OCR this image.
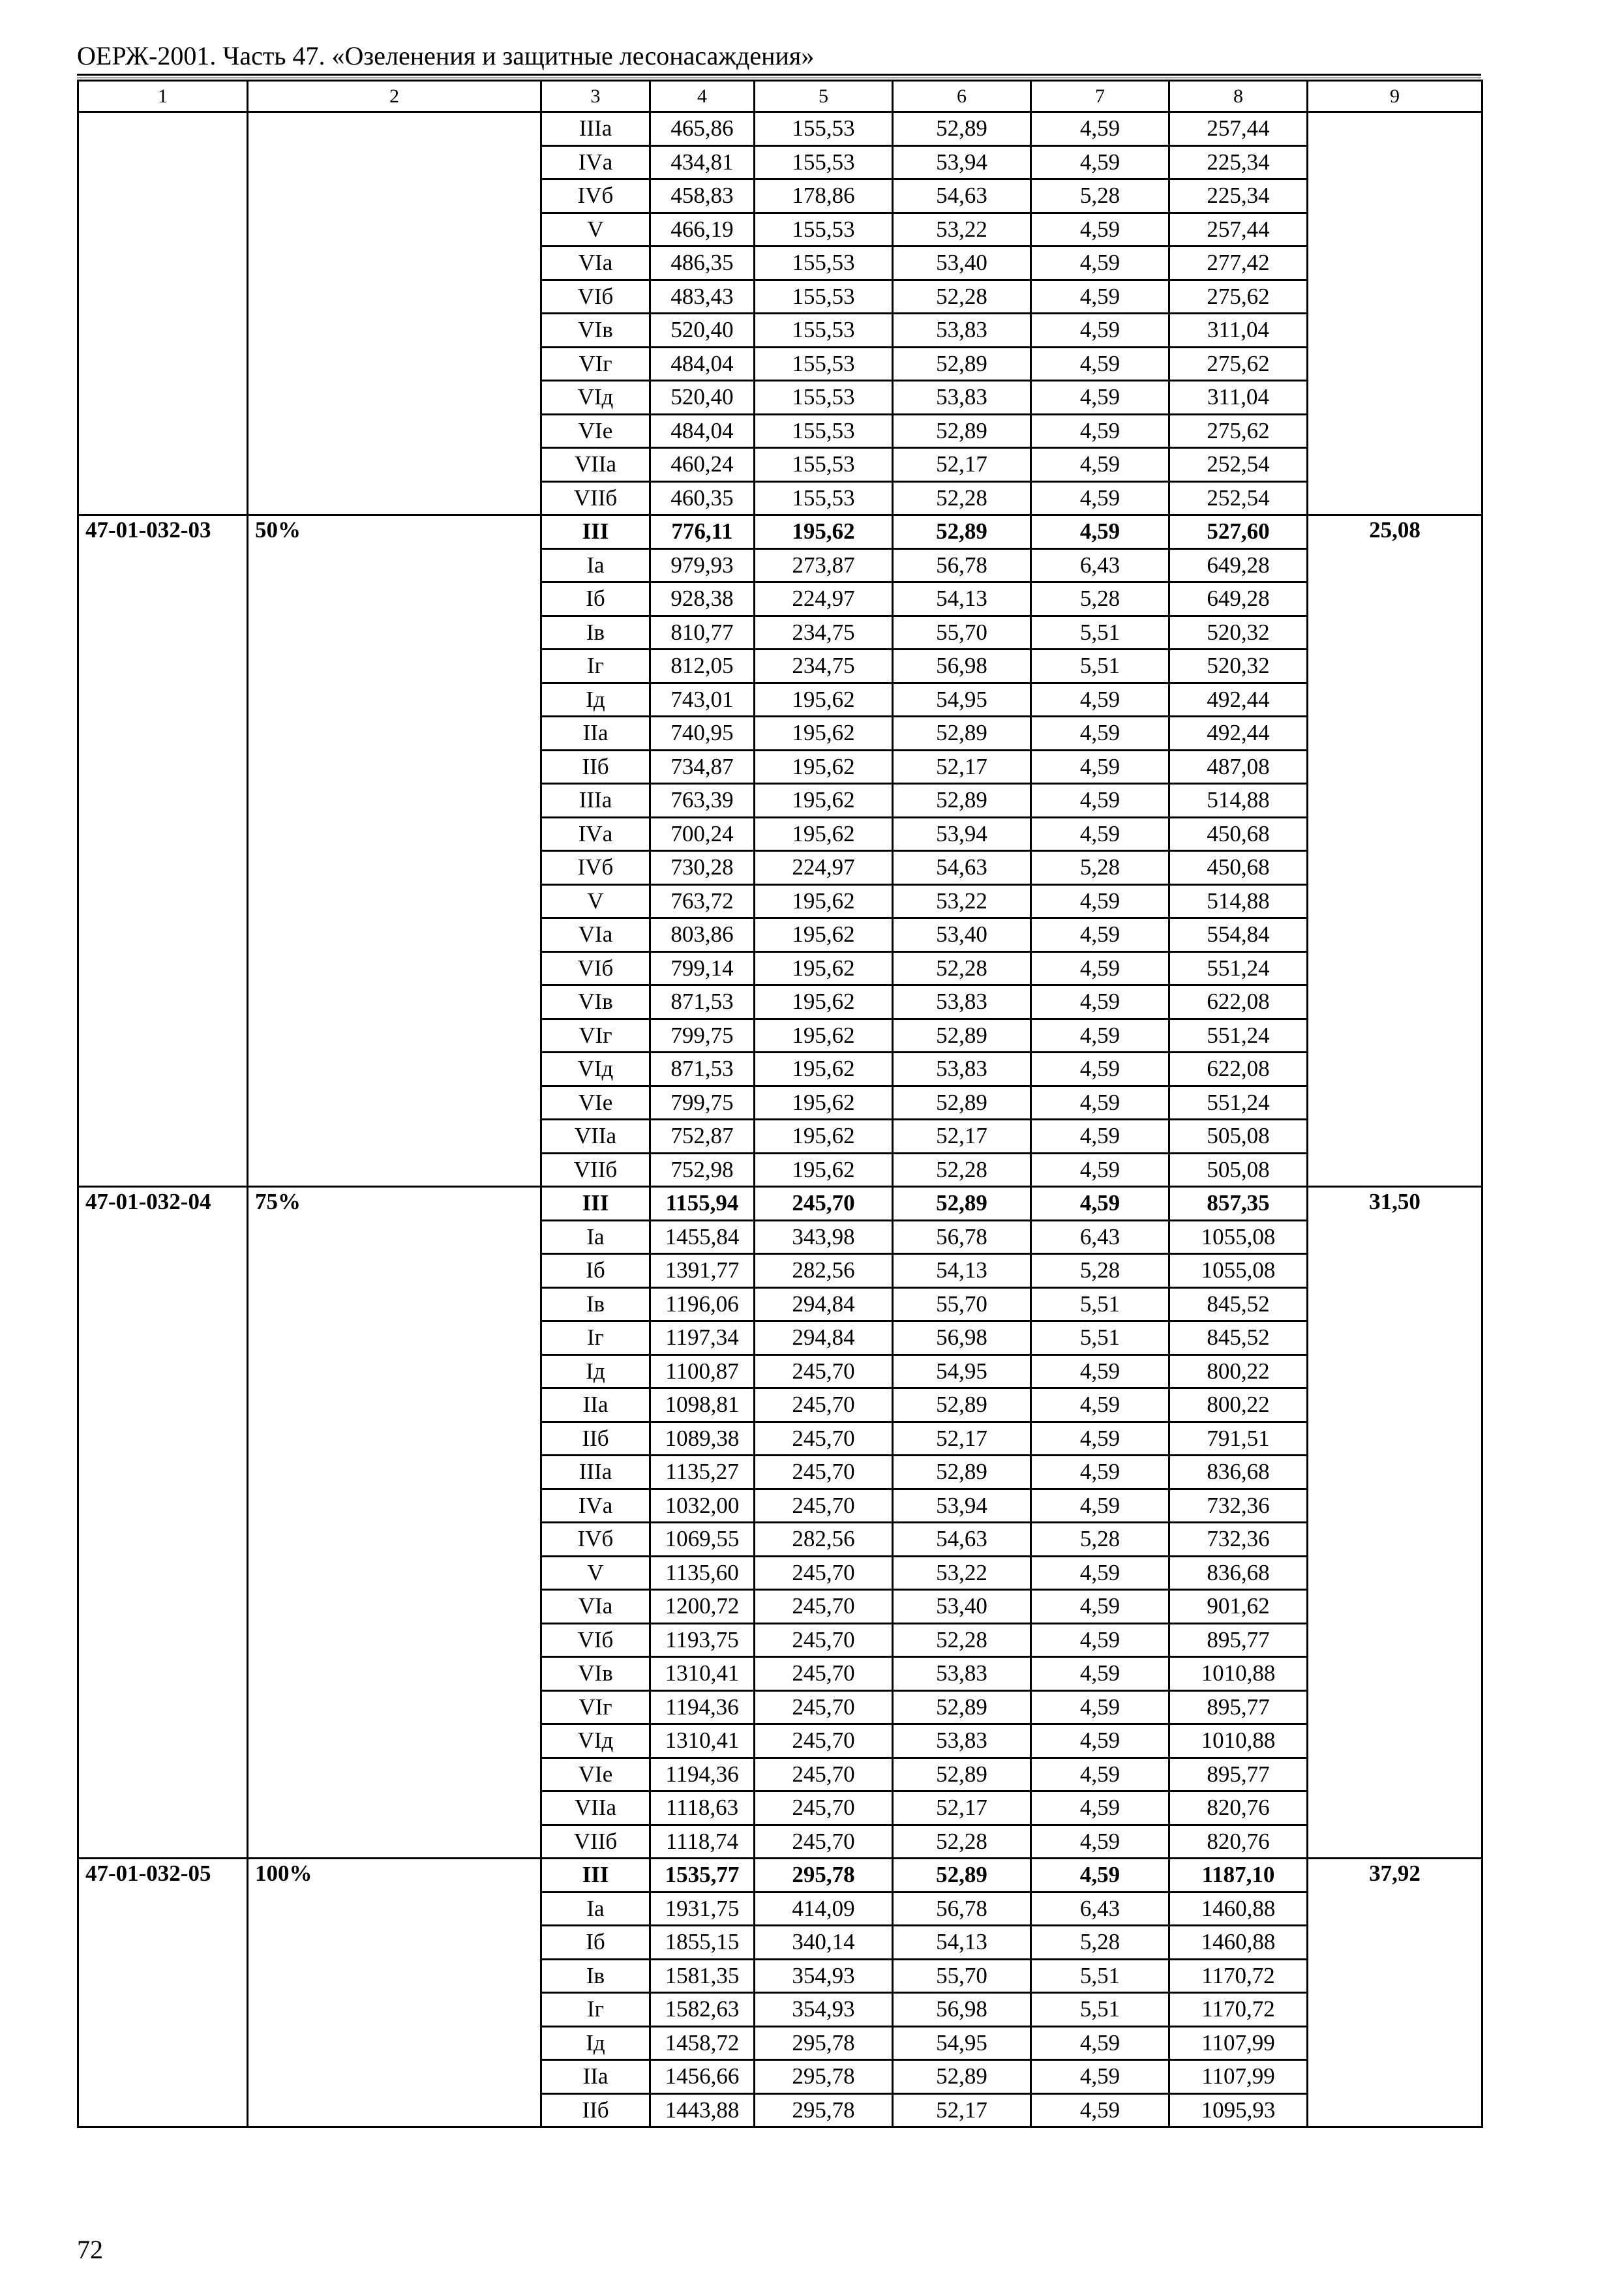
ОЕРЖ-2001. Часть 47. «Озеленения и защитные лесонасаждения»
1	2	3	4	5	6	7	8	9
		IIIа	465,86	155,53	52,89	4,59	257,44	
		IVа	434,81	155,53	53,94	4,59	225,34	
		IVб	458,83	178,86	54,63	5,28	225,34	
		V	466,19	155,53	53,22	4,59	257,44	
		VIа	486,35	155,53	53,40	4,59	277,42	
		VIб	483,43	155,53	52,28	4,59	275,62	
		VIв	520,40	155,53	53,83	4,59	311,04	
		VIг	484,04	155,53	52,89	4,59	275,62	
		VIд	520,40	155,53	53,83	4,59	311,04	
		VIе	484,04	155,53	52,89	4,59	275,62	
		VIIа	460,24	155,53	52,17	4,59	252,54	
		VIIб	460,35	155,53	52,28	4,59	252,54	
47-01-032-03	50%	III	776,11	195,62	52,89	4,59	527,60	25,08
		Iа	979,93	273,87	56,78	6,43	649,28	
		Iб	928,38	224,97	54,13	5,28	649,28	
		Iв	810,77	234,75	55,70	5,51	520,32	
		Iг	812,05	234,75	56,98	5,51	520,32	
		Iд	743,01	195,62	54,95	4,59	492,44	
		IIа	740,95	195,62	52,89	4,59	492,44	
		IIб	734,87	195,62	52,17	4,59	487,08	
		IIIа	763,39	195,62	52,89	4,59	514,88	
		IVа	700,24	195,62	53,94	4,59	450,68	
		IVб	730,28	224,97	54,63	5,28	450,68	
		V	763,72	195,62	53,22	4,59	514,88	
		VIа	803,86	195,62	53,40	4,59	554,84	
		VIб	799,14	195,62	52,28	4,59	551,24	
		VIв	871,53	195,62	53,83	4,59	622,08	
		VIг	799,75	195,62	52,89	4,59	551,24	
		VIд	871,53	195,62	53,83	4,59	622,08	
		VIе	799,75	195,62	52,89	4,59	551,24	
		VIIа	752,87	195,62	52,17	4,59	505,08	
		VIIб	752,98	195,62	52,28	4,59	505,08	
47-01-032-04	75%	III	1155,94	245,70	52,89	4,59	857,35	31,50
		Iа	1455,84	343,98	56,78	6,43	1055,08	
		Iб	1391,77	282,56	54,13	5,28	1055,08	
		Iв	1196,06	294,84	55,70	5,51	845,52	
		Iг	1197,34	294,84	56,98	5,51	845,52	
		Iд	1100,87	245,70	54,95	4,59	800,22	
		IIа	1098,81	245,70	52,89	4,59	800,22	
		IIб	1089,38	245,70	52,17	4,59	791,51	
		IIIа	1135,27	245,70	52,89	4,59	836,68	
		IVа	1032,00	245,70	53,94	4,59	732,36	
		IVб	1069,55	282,56	54,63	5,28	732,36	
		V	1135,60	245,70	53,22	4,59	836,68	
		VIа	1200,72	245,70	53,40	4,59	901,62	
		VIб	1193,75	245,70	52,28	4,59	895,77	
		VIв	1310,41	245,70	53,83	4,59	1010,88	
		VIг	1194,36	245,70	52,89	4,59	895,77	
		VIд	1310,41	245,70	53,83	4,59	1010,88	
		VIе	1194,36	245,70	52,89	4,59	895,77	
		VIIа	1118,63	245,70	52,17	4,59	820,76	
		VIIб	1118,74	245,70	52,28	4,59	820,76	
47-01-032-05	100%	III	1535,77	295,78	52,89	4,59	1187,10	37,92
		Iа	1931,75	414,09	56,78	6,43	1460,88	
		Iб	1855,15	340,14	54,13	5,28	1460,88	
		Iв	1581,35	354,93	55,70	5,51	1170,72	
		Iг	1582,63	354,93	56,98	5,51	1170,72	
		Iд	1458,72	295,78	54,95	4,59	1107,99	
		IIа	1456,66	295,78	52,89	4,59	1107,99	
		IIб	1443,88	295,78	52,17	4,59	1095,93	
72
